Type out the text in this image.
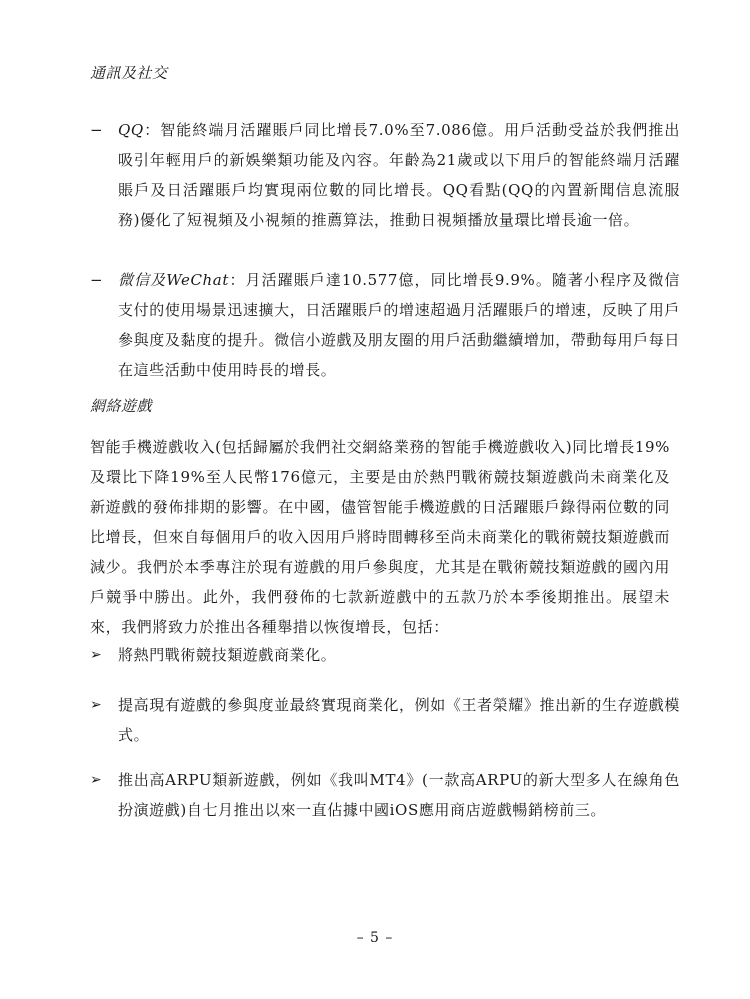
通訊及社交
− QQ：智能終端月活躍賬戶同比增長7.0%至7.086億。用戶活動受益於我們推出吸引年輕用戶的新娛樂類功能及內容。年齡為21歲或以下用戶的智能終端月活躍賬戶及日活躍賬戶均實現兩位數的同比增長。QQ看點(QQ的內置新聞信息流服務)優化了短視頻及小視頻的推薦算法，推動日視頻播放量環比增長逾一倍。
− 微信及WeChat：月活躍賬戶達10.577億，同比增長9.9%。隨著小程序及微信支付的使用場景迅速擴大，日活躍賬戶的增速超過月活躍賬戶的增速，反映了用戶參與度及黏度的提升。微信小遊戲及朋友圈的用戶活動繼續增加，帶動每用戶每日在這些活動中使用時長的增長。
網絡遊戲
智能手機遊戲收入(包括歸屬於我們社交網絡業務的智能手機遊戲收入)同比增長19%及環比下降19%至人民幣176億元，主要是由於熱門戰術競技類遊戲尚未商業化及新遊戲的發佈排期的影響。在中國，儘管智能手機遊戲的日活躍賬戶錄得兩位數的同比增長，但來自每個用戶的收入因用戶將時間轉移至尚未商業化的戰術競技類遊戲而減少。我們於本季專注於現有遊戲的用戶參與度，尤其是在戰術競技類遊戲的國內用戶競爭中勝出。此外，我們發佈的七款新遊戲中的五款乃於本季後期推出。展望未來，我們將致力於推出各種舉措以恢復增長，包括：
➢ 將熱門戰術競技類遊戲商業化。
➢ 提高現有遊戲的參與度並最終實現商業化，例如《王者榮耀》推出新的生存遊戲模式。
➢ 推出高ARPU類新遊戲，例如《我叫MT4》(一款高ARPU的新大型多人在線角色扮演遊戲)自七月推出以來一直佔據中國iOS應用商店遊戲暢銷榜前三。
– 5 –
